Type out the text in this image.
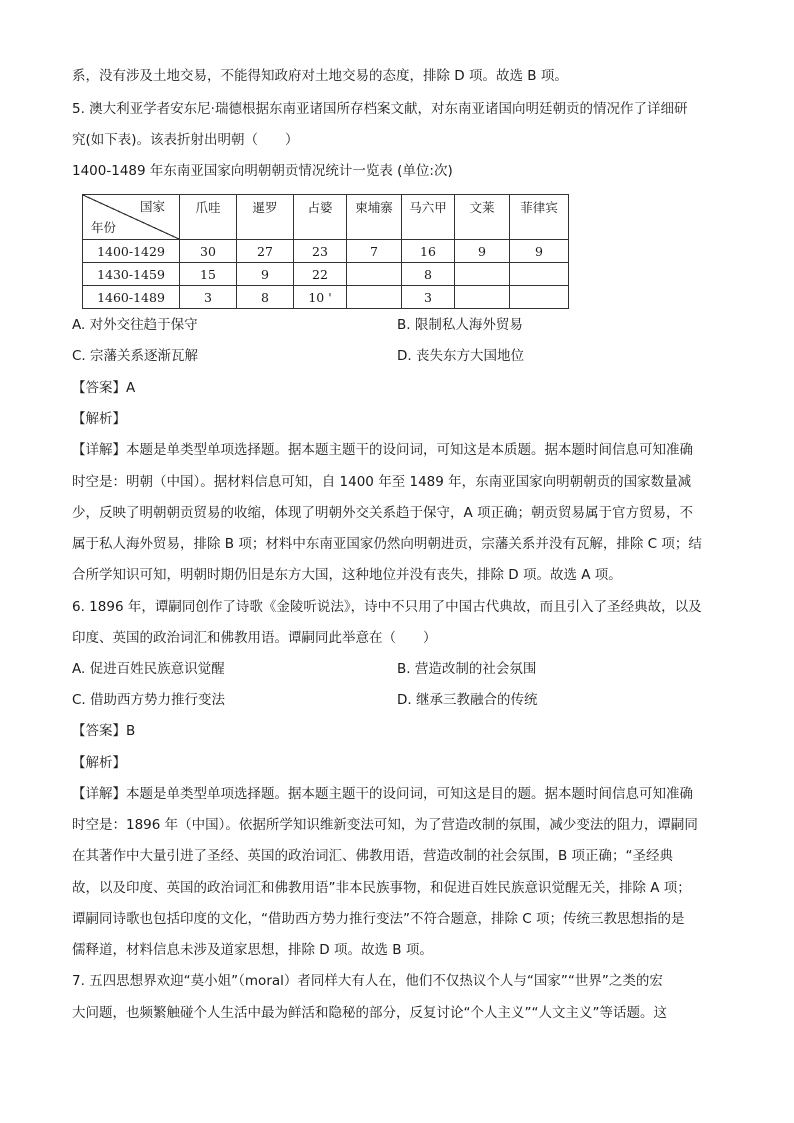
系，没有涉及土地交易，不能得知政府对土地交易的态度，排除 D 项。故选 B 项。
5. 澳大利亚学者安东尼·瑞德根据东南亚诸国所存档案文献，对东南亚诸国向明廷朝贡的情况作了详细研
究(如下表)。该表折射出明朝（　　）
1400-1489 年东南亚国家向明朝朝贡情况统计一览表 (单位:次)
国家
年份	爪哇	暹罗	占婆	柬埔寨	马六甲	文莱	菲律宾
1400-1429	30	27	23	7	16	9	9
1430-1459	15	9	22		8		
1460-1489	3	8	10 '		3		
A. 对外交往趋于保守	B. 限制私人海外贸易
C. 宗藩关系逐渐瓦解	D. 丧失东方大国地位
【答案】A
【解析】
【详解】本题是单类型单项选择题。据本题主题干的设问词，可知这是本质题。据本题时间信息可知准确
时空是：明朝（中国）。据材料信息可知，自 1400 年至 1489 年，东南亚国家向明朝朝贡的国家数量减
少，反映了明朝朝贡贸易的收缩，体现了明朝外交关系趋于保守，A 项正确；朝贡贸易属于官方贸易，不
属于私人海外贸易，排除 B 项；材料中东南亚国家仍然向明朝进贡，宗藩关系并没有瓦解，排除 C 项；结
合所学知识可知，明朝时期仍旧是东方大国，这种地位并没有丧失，排除 D 项。故选 A 项。
6. 1896 年，谭嗣同创作了诗歌《金陵听说法》，诗中不只用了中国古代典故，而且引入了圣经典故，以及
印度、英国的政治词汇和佛教用语。谭嗣同此举意在（　　）
A. 促进百姓民族意识觉醒	B. 营造改制的社会氛围
C. 借助西方势力推行变法	D. 继承三教融合的传统
【答案】B
【解析】
【详解】本题是单类型单项选择题。据本题主题干的设问词，可知这是目的题。据本题时间信息可知准确
时空是：1896 年（中国）。依据所学知识维新变法可知，为了营造改制的氛围，减少变法的阻力，谭嗣同
在其著作中大量引进了圣经、英国的政治词汇、佛教用语，营造改制的社会氛围，B 项正确；“圣经典
故，以及印度、英国的政治词汇和佛教用语”非本民族事物，和促进百姓民族意识觉醒无关，排除 A 项；
谭嗣同诗歌也包括印度的文化，“借助西方势力推行变法”不符合题意，排除 C 项；传统三教思想指的是
儒释道，材料信息未涉及道家思想，排除 D 项。故选 B 项。
7. 五四思想界欢迎“莫小姐”（moral）者同样大有人在，他们不仅热议个人与“国家”“世界”之类的宏
大问题，也频繁触碰个人生活中最为鲜活和隐秘的部分，反复讨论“个人主义”“人文主义”等话题。这
